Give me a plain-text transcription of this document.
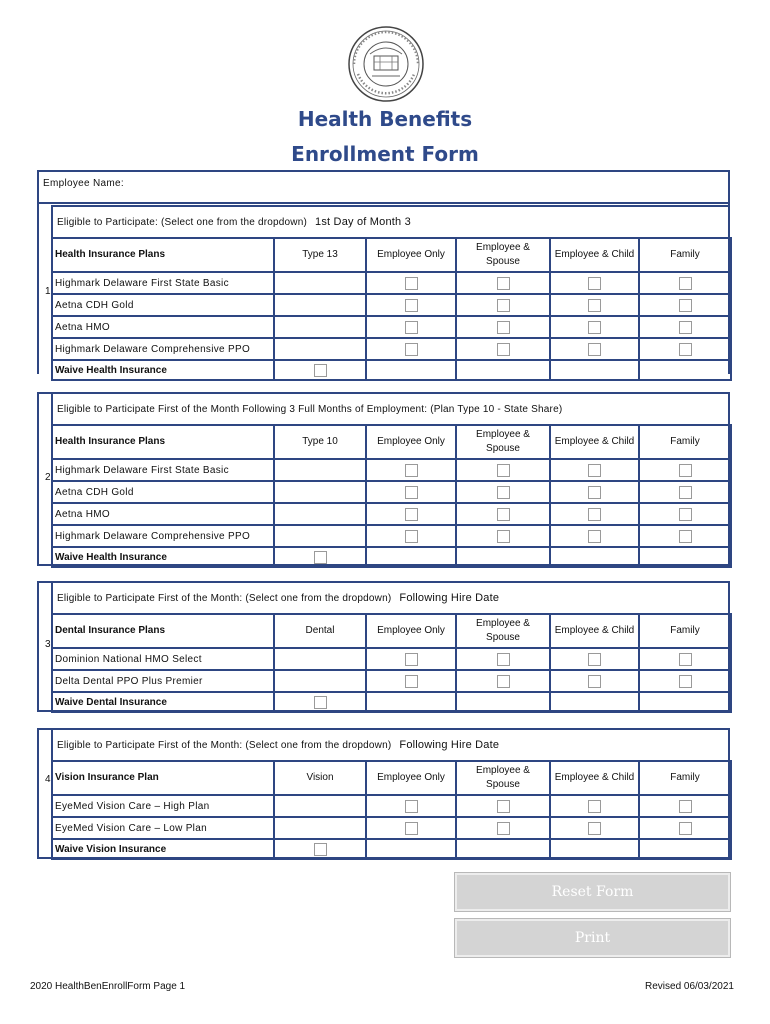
Health Benefits
Enrollment Form
Employee Name:
1
Eligible to Participate: (Select one from the dropdown) 1st Day of Month 3
Health Insurance Plans	Type 13	Employee Only	Employee & Spouse	Employee & Child	Family
Highmark Delaware First State Basic					
Aetna CDH Gold					
Aetna HMO					
Highmark Delaware Comprehensive PPO					
Waive Health Insurance					
2
Eligible to Participate First of the Month Following 3 Full Months of Employment: (Plan Type 10 - State Share)
Health Insurance Plans	Type 10	Employee Only	Employee & Spouse	Employee & Child	Family
Highmark Delaware First State Basic					
Aetna CDH Gold					
Aetna HMO					
Highmark Delaware Comprehensive PPO					
Waive Health Insurance					
3
Eligible to Participate First of the Month: (Select one from the dropdown) Following Hire Date
Dental Insurance Plans	Dental	Employee Only	Employee & Spouse	Employee & Child	Family
Dominion National HMO Select					
Delta Dental PPO Plus Premier					
Waive Dental Insurance					
4
Eligible to Participate First of the Month: (Select one from the dropdown) Following Hire Date
Vision Insurance Plan	Vision	Employee Only	Employee & Spouse	Employee & Child	Family
EyeMed Vision Care – High Plan					
EyeMed Vision Care – Low Plan					
Waive Vision Insurance					
Reset Form
Print
2020 HealthBenEnrollForm Page 1	Revised 06/03/2021
